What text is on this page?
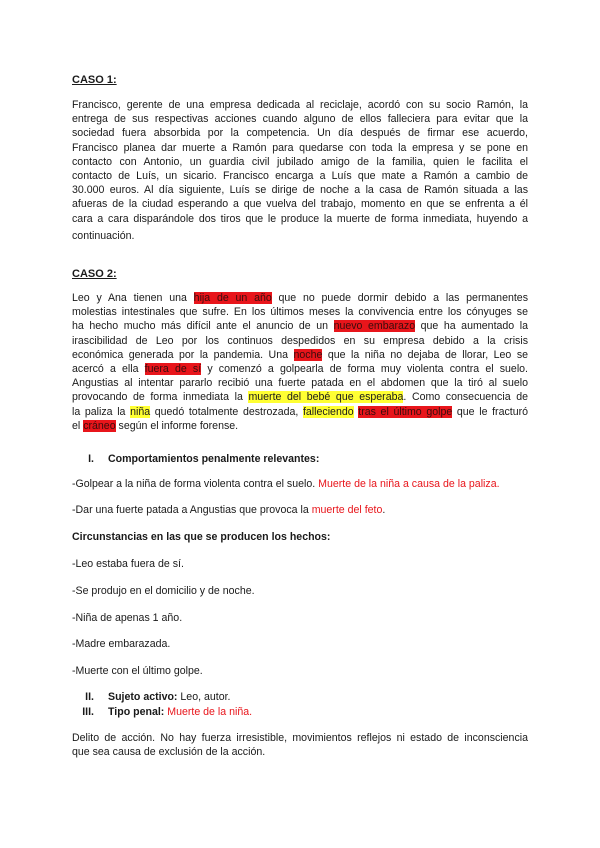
CASO 1:
Francisco, gerente de una empresa dedicada al reciclaje, acordó con su socio Ramón, la
entrega de sus respectivas acciones cuando alguno de ellos falleciera para evitar que la
sociedad fuera absorbida por la competencia. Un día después de firmar ese acuerdo,
Francisco planea dar muerte a Ramón para quedarse con toda la empresa y se pone en
contacto con Antonio, un guardia civil jubilado amigo de la familia, quien le facilita el
contacto de Luís, un sicario. Francisco encarga a Luís que mate a Ramón a cambio de
30.000 euros. Al día siguiente, Luís se dirige de noche a la casa de Ramón situada a las
afueras de la ciudad esperando a que vuelva del trabajo, momento en que se enfrenta a él
cara a cara disparándole dos tiros que le produce la muerte de forma inmediata, huyendo a
continuación.
CASO 2:
Leo y Ana tienen una hija de un año que no puede dormir debido a las permanentes
molestias intestinales que sufre. En los últimos meses la convivencia entre los cónyuges se
ha hecho mucho más difícil ante el anuncio de un nuevo embarazo que ha aumentado la
irascibilidad de Leo por los continuos despedidos en su empresa debido a la crisis
económica generada por la pandemia. Una noche que la niña no dejaba de llorar, Leo se
acercó a ella fuera de sí y comenzó a golpearla de forma muy violenta contra el suelo.
Angustias al intentar pararlo recibió una fuerte patada en el abdomen que la tiró al suelo
provocando de forma inmediata la muerte del bebé que esperaba. Como consecuencia de
la paliza la niña quedó totalmente destrozada, falleciendo tras el último golpe que le fracturó
el cráneo según el informe forense.
I. Comportamientos penalmente relevantes:
-Golpear a la niña de forma violenta contra el suelo. Muerte de la niña a causa de la paliza.
-Dar una fuerte patada a Angustias que provoca la muerte del feto.
Circunstancias en las que se producen los hechos:
-Leo estaba fuera de sí.
-Se produjo en el domicilio y de noche.
-Niña de apenas 1 año.
-Madre embarazada.
-Muerte con el último golpe.
II. Sujeto activo: Leo, autor.
III. Tipo penal: Muerte de la niña.
Delito de acción. No hay fuerza irresistible, movimientos reflejos ni estado de inconsciencia
que sea causa de exclusión de la acción.
